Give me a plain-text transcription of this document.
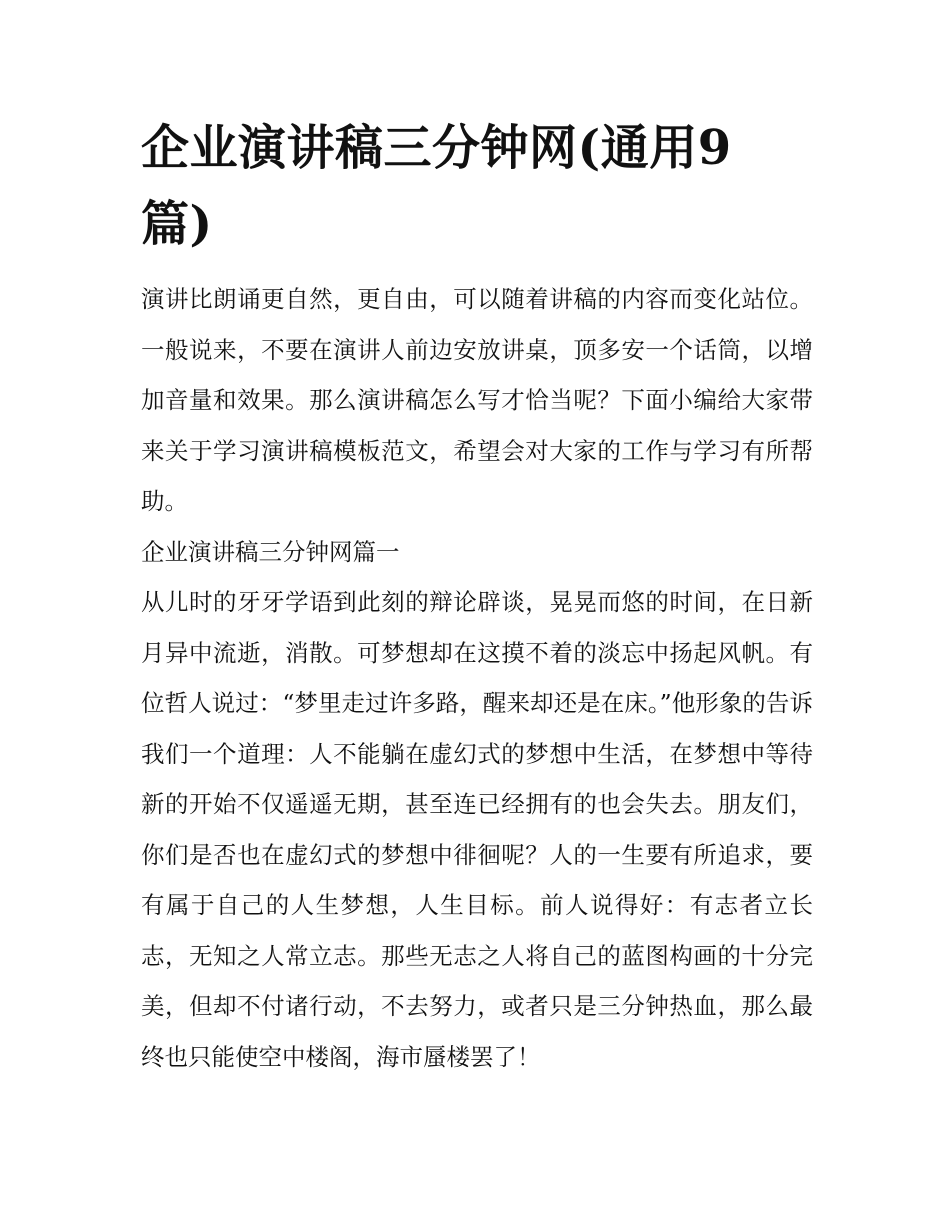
企业演讲稿三分钟网(通用9篇)

演讲比朗诵更自然，更自由，可以随着讲稿的内容而变化站位。一般说来，不要在演讲人前边安放讲桌，顶多安一个话筒，以增加音量和效果。那么演讲稿怎么写才恰当呢？下面小编给大家带来关于学习演讲稿模板范文，希望会对大家的工作与学习有所帮助。

企业演讲稿三分钟网篇一

从儿时的牙牙学语到此刻的辩论辟谈，晃晃而悠的时间，在日新月异中流逝，消散。可梦想却在这摸不着的淡忘中扬起风帆。有位哲人说过：“梦里走过许多路，醒来却还是在床。”他形象的告诉我们一个道理：人不能躺在虚幻式的梦想中生活，在梦想中等待新的开始不仅遥遥无期，甚至连已经拥有的也会失去。朋友们，你们是否也在虚幻式的梦想中徘徊呢？人的一生要有所追求，要有属于自己的人生梦想，人生目标。前人说得好：有志者立长志，无知之人常立志。那些无志之人将自己的蓝图构画的十分完美，但却不付诸行动，不去努力，或者只是三分钟热血，那么最终也只能使空中楼阁，海市蜃楼罢了！
